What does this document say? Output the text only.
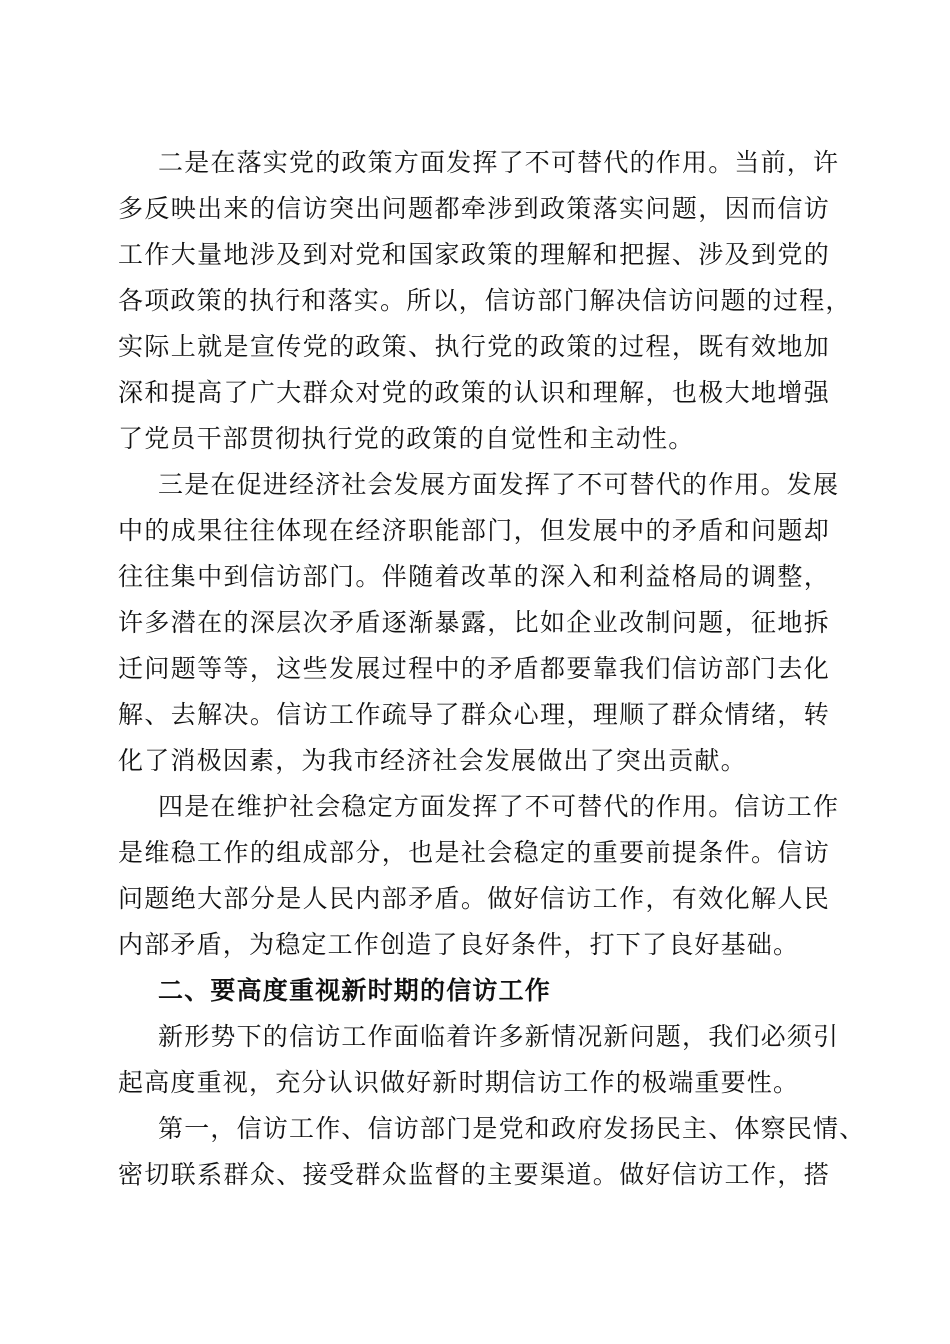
二是在落实党的政策方面发挥了不可替代的作用。当前，许
多反映出来的信访突出问题都牵涉到政策落实问题，因而信访
工作大量地涉及到对党和国家政策的理解和把握、涉及到党的
各项政策的执行和落实。所以，信访部门解决信访问题的过程，
实际上就是宣传党的政策、执行党的政策的过程，既有效地加
深和提高了广大群众对党的政策的认识和理解，也极大地增强
了党员干部贯彻执行党的政策的自觉性和主动性。
三是在促进经济社会发展方面发挥了不可替代的作用。发展
中的成果往往体现在经济职能部门，但发展中的矛盾和问题却
往往集中到信访部门。伴随着改革的深入和利益格局的调整，
许多潜在的深层次矛盾逐渐暴露，比如企业改制问题，征地拆
迁问题等等，这些发展过程中的矛盾都要靠我们信访部门去化
解、去解决。信访工作疏导了群众心理，理顺了群众情绪，转
化了消极因素，为我市经济社会发展做出了突出贡献。
四是在维护社会稳定方面发挥了不可替代的作用。信访工作
是维稳工作的组成部分，也是社会稳定的重要前提条件。信访
问题绝大部分是人民内部矛盾。做好信访工作，有效化解人民
内部矛盾，为稳定工作创造了良好条件，打下了良好基础。
二、要高度重视新时期的信访工作
新形势下的信访工作面临着许多新情况新问题，我们必须引
起高度重视，充分认识做好新时期信访工作的极端重要性。
第一，信访工作、信访部门是党和政府发扬民主、体察民情、
密切联系群众、接受群众监督的主要渠道。做好信访工作，搭
